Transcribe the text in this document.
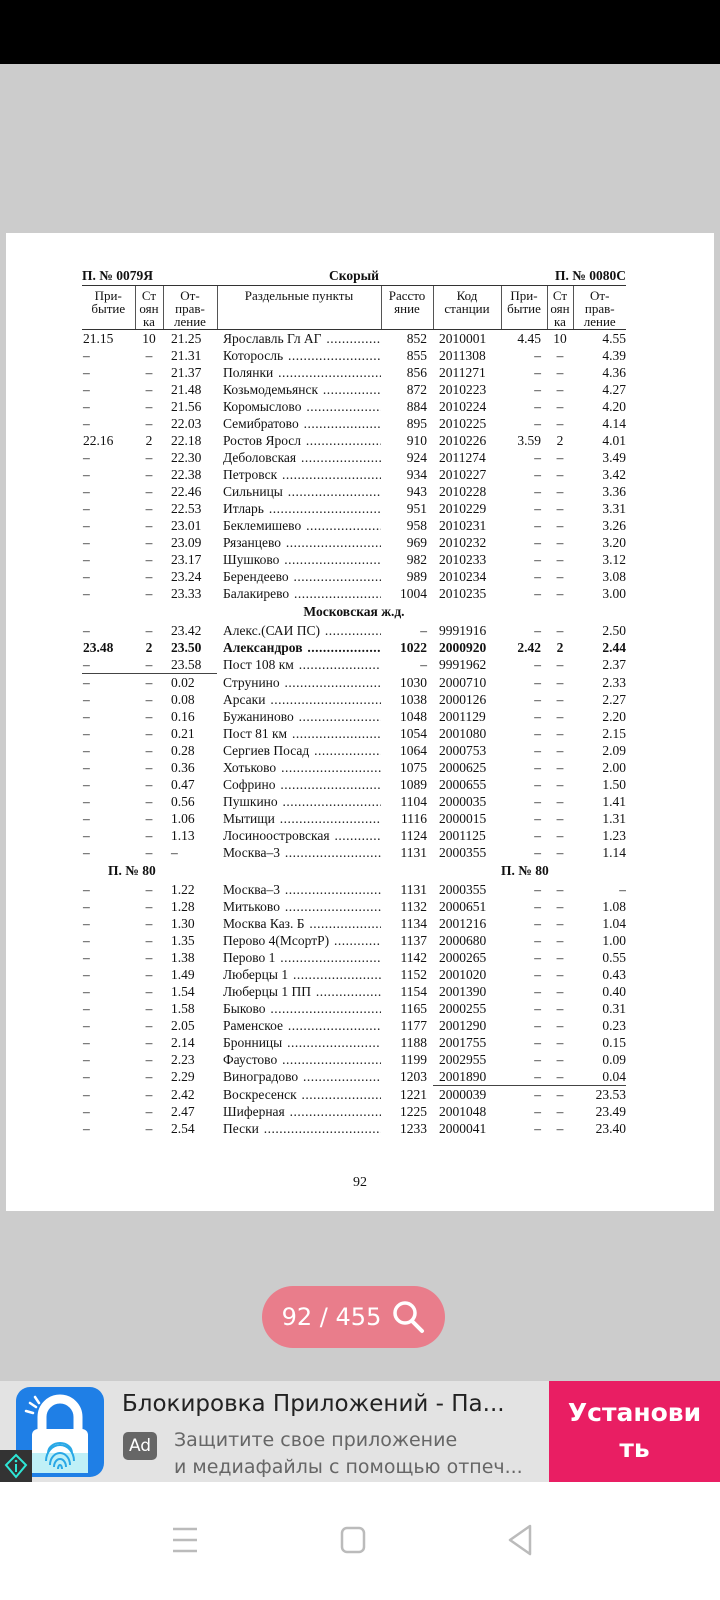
П. № 0079Я	Скорый	П. № 0080С
При-
бытие

Ст
оян
ка

От-
прав-
ление

Раздельные пункты	Рассто
яние

Код
станции

При-
бытие

Ст
оян
ка

От-
прав-
ление

21.15	10	21.25	Ярославль Гл АГ .....	852	2010001	4.45	10	4.55
–	–	21.31	Которосль .....	855	2011308	–	–	4.39
–	–	21.37	Полянки .....	856	2011271	–	–	4.36
–	–	21.48	Козьмодемьянск .....	872	2010223	–	–	4.27
–	–	21.56	Коромыслово .....	884	2010224	–	–	4.20
–	–	22.03	Семибратово .....	895	2010225	–	–	4.14
22.16	2	22.18	Ростов Яросл .....	910	2010226	3.59	2	4.01
–	–	22.30	Деболовская .....	924	2011274	–	–	3.49
–	–	22.38	Петровск .....	934	2010227	–	–	3.42
–	–	22.46	Сильницы .....	943	2010228	–	–	3.36
–	–	22.53	Итларь .....	951	2010229	–	–	3.31
–	–	23.01	Беклемишево .....	958	2010231	–	–	3.26
–	–	23.09	Рязанцево .....	969	2010232	–	–	3.20
–	–	23.17	Шушково .....	982	2010233	–	–	3.12
–	–	23.24	Берендеево .....	989	2010234	–	–	3.08
–	–	23.33	Балакирево .....	1004	2010235	–	–	3.00
Московская ж.д.								
–	–	23.42	Алекс.(САИ ПС) .....	–	9991916	–	–	2.50
23.48	2	23.50	Александров .....	1022	2000920	2.42	2	2.44
–	–	23.58	Пост 108 км .....	–	9991962	–	–	2.37
–	–	0.02	Струнино .....	1030	2000710	–	–	2.33
–	–	0.08	Арсаки .....	1038	2000126	–	–	2.27
–	–	0.16	Бужаниново .....	1048	2001129	–	–	2.20
–	–	0.21	Пост 81 км .....	1054	2001080	–	–	2.15
–	–	0.28	Сергиев Посад .....	1064	2000753	–	–	2.09
–	–	0.36	Хотьково .....	1075	2000625	–	–	2.00
–	–	0.47	Софрино .....	1089	2000655	–	–	1.50
–	–	0.56	Пушкино .....	1104	2000035	–	–	1.41
–	–	1.06	Мытищи .....	1116	2000015	–	–	1.31
–	–	1.13	Лосиноостровская .....	1124	2001125	–	–	1.23
–	–	–	Москва–3 .....	1131	2000355	–	–	1.14
П. № 80						П. № 80		
–	–	1.22	Москва–3 .....	1131	2000355	–	–	–
–	–	1.28	Митьково .....	1132	2000651	–	–	1.08
–	–	1.30	Москва Каз. Б .....	1134	2001216	–	–	1.04
–	–	1.35	Перово 4(МсортР) .....	1137	2000680	–	–	1.00
–	–	1.38	Перово 1 .....	1142	2000265	–	–	0.55
–	–	1.49	Люберцы 1 .....	1152	2001020	–	–	0.43
–	–	1.54	Люберцы 1 ПП .....	1154	2001390	–	–	0.40
–	–	1.58	Быково .....	1165	2000255	–	–	0.31
–	–	2.05	Раменское .....	1177	2001290	–	–	0.23
–	–	2.14	Бронницы .....	1188	2001755	–	–	0.15
–	–	2.23	Фаустово .....	1199	2002955	–	–	0.09
–	–	2.29	Виноградово .....	1203	2001890	–	–	0.04
–	–	2.42	Воскресенск .....	1221	2000039	–	–	23.53
–	–	2.47	Шиферная .....	1225	2001048	–	–	23.49
–	–	2.54	Пески .....	1233	2000041	–	–	23.40
92
92 / 455
Блокировка Приложений - Па...
Ad	Защитите свое приложение
и медиафайлы с помощью отпеч...
Установи
ть
